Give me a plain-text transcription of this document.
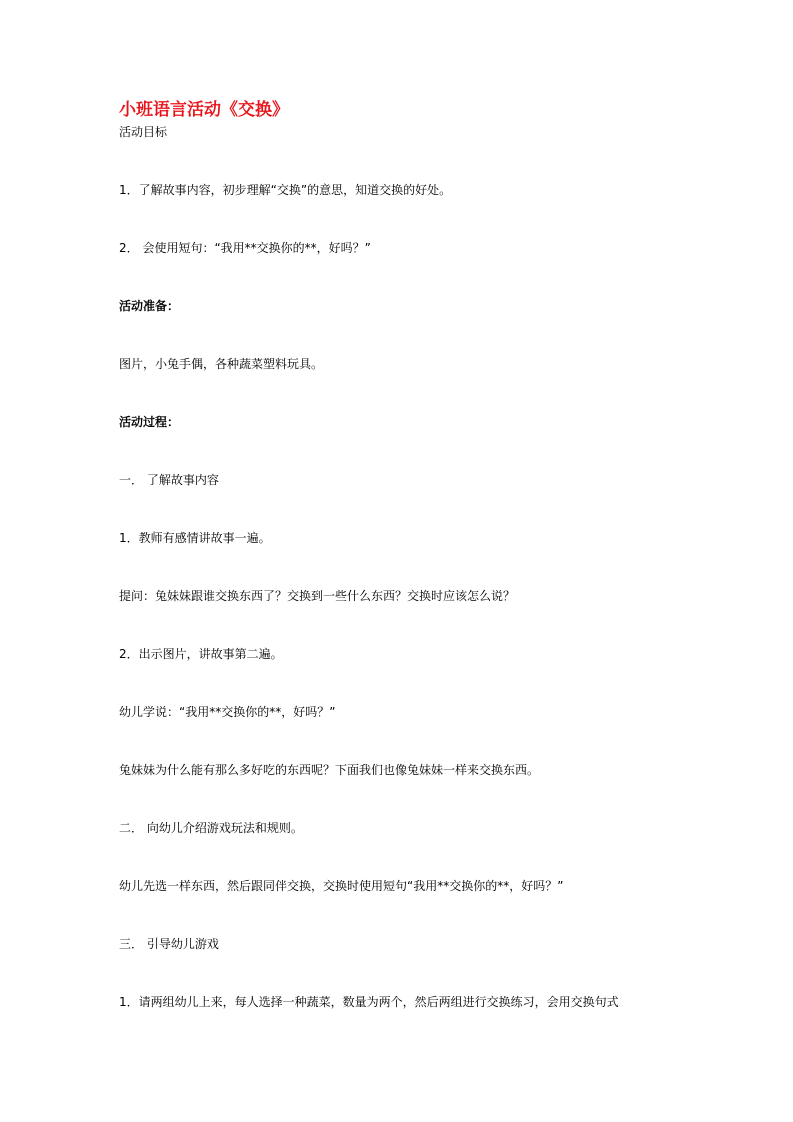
小班语言活动《交换》
活动目标
1．了解故事内容，初步理解“交换”的意思，知道交换的好处。
2． 会使用短句：“我用**交换你的**，好吗？”
活动准备：
图片，小兔手偶，各种蔬菜塑料玩具。
活动过程：
一． 了解故事内容
1．教师有感情讲故事一遍。
提问：兔妹妹跟谁交换东西了？交换到一些什么东西？交换时应该怎么说？
2．出示图片，讲故事第二遍。
幼儿学说：“我用**交换你的**，好吗？”
兔妹妹为什么能有那么多好吃的东西呢？下面我们也像兔妹妹一样来交换东西。
二． 向幼儿介绍游戏玩法和规则。
幼儿先选一样东西，然后跟同伴交换，交换时使用短句“我用**交换你的**，好吗？”
三． 引导幼儿游戏
1．请两组幼儿上来，每人选择一种蔬菜，数量为两个，然后两组进行交换练习，会用交换句式
